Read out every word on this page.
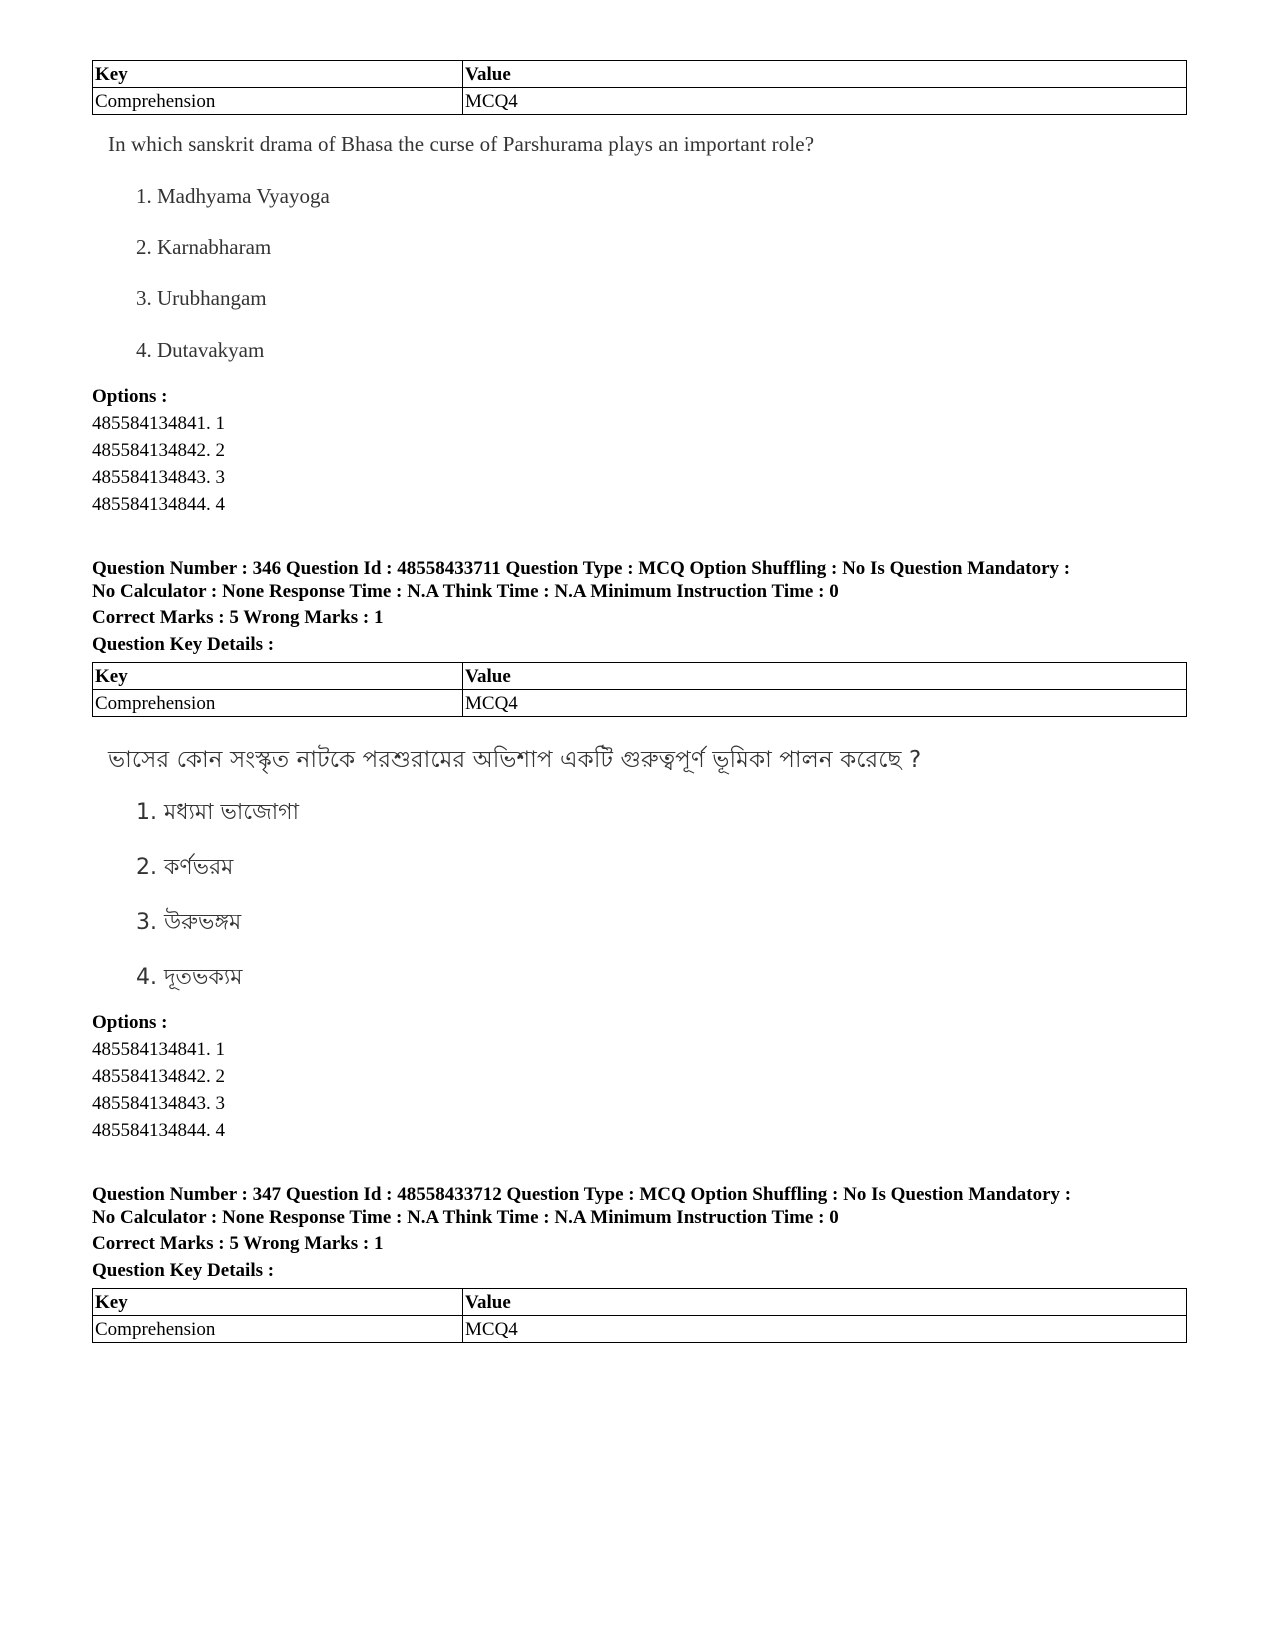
Key	Value
Comprehension	MCQ4
In which sanskrit drama of Bhasa the curse of Parshurama plays an important role?
1. Madhyama Vyayoga
2. Karnabharam
3. Urubhangam
4. Dutavakyam
Options :
485584134841. 1
485584134842. 2
485584134843. 3
485584134844. 4
Question Number : 346 Question Id : 48558433711 Question Type : MCQ Option Shuffling : No Is Question Mandatory :
No Calculator : None Response Time : N.A Think Time : N.A Minimum Instruction Time : 0
Correct Marks : 5 Wrong Marks : 1
Question Key Details :
Key	Value
Comprehension	MCQ4
ভাসের কোন সংস্কৃত নাটকে পরশুরামের অভিশাপ একটি গুরুত্বপূর্ণ ভূমিকা পালন করেছে ?
1. মধ্যমা ভাজোগা
2. কর্ণভরম
3. উরুভঙ্গম
4. দূতভক্যম
Options :
485584134841. 1
485584134842. 2
485584134843. 3
485584134844. 4
Question Number : 347 Question Id : 48558433712 Question Type : MCQ Option Shuffling : No Is Question Mandatory :
No Calculator : None Response Time : N.A Think Time : N.A Minimum Instruction Time : 0
Correct Marks : 5 Wrong Marks : 1
Question Key Details :
Key	Value
Comprehension	MCQ4
